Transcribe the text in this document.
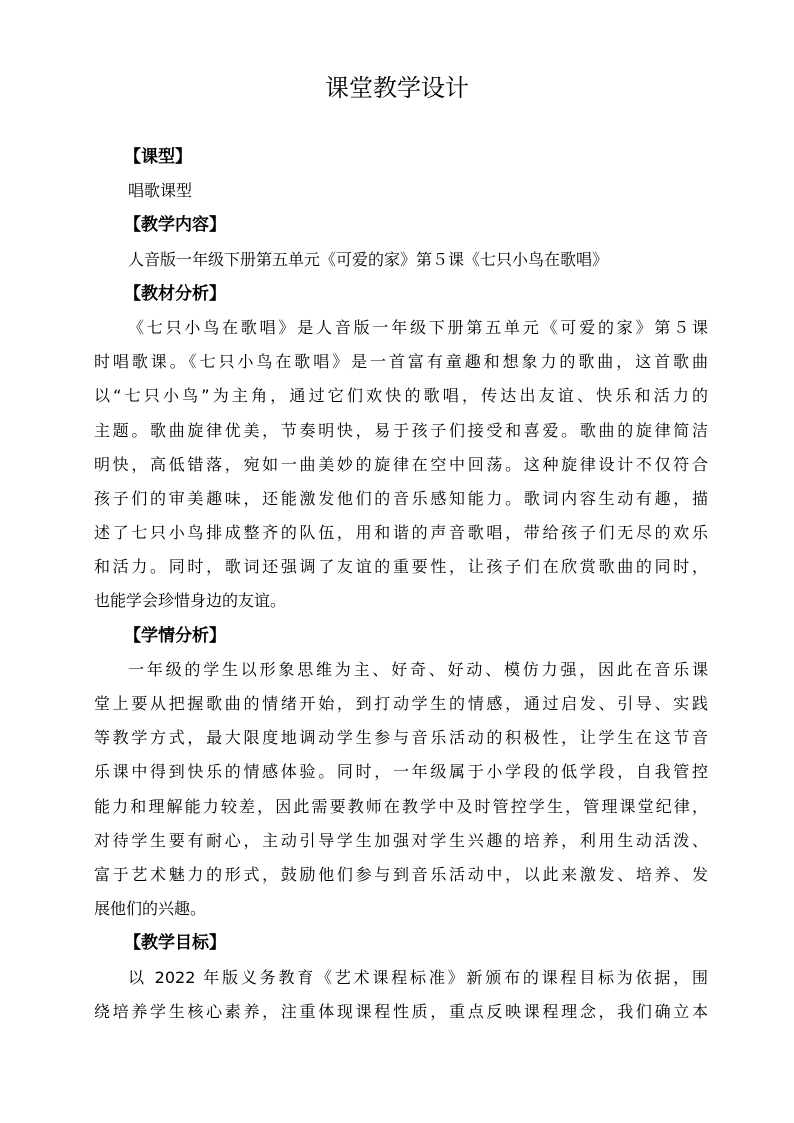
课堂教学设计
【课型】
唱歌课型
【教学内容】
人音版一年级下册第五单元《可爱的家》第５课《七只小鸟在歌唱》
【教材分析】
《七只小鸟在歌唱》是人音版一年级下册第五单元《可爱的家》第５课
时唱歌课。《七只小鸟在歌唱》是一首富有童趣和想象力的歌曲，这首歌曲
以“七只小鸟”为主角，通过它们欢快的歌唱，传达出友谊、快乐和活力的
主题。歌曲旋律优美，节奏明快，易于孩子们接受和喜爱。歌曲的旋律简洁
明快，高低错落，宛如一曲美妙的旋律在空中回荡。这种旋律设计不仅符合
孩子们的审美趣味，还能激发他们的音乐感知能力。歌词内容生动有趣，描
述了七只小鸟排成整齐的队伍，用和谐的声音歌唱，带给孩子们无尽的欢乐
和活力。同时，歌词还强调了友谊的重要性，让孩子们在欣赏歌曲的同时，
也能学会珍惜身边的友谊。
【学情分析】
一年级的学生以形象思维为主、好奇、好动、模仿力强，因此在音乐课
堂上要从把握歌曲的情绪开始，到打动学生的情感，通过启发、引导、实践
等教学方式，最大限度地调动学生参与音乐活动的积极性，让学生在这节音
乐课中得到快乐的情感体验。同时，一年级属于小学段的低学段，自我管控
能力和理解能力较差，因此需要教师在教学中及时管控学生，管理课堂纪律，
对待学生要有耐心，主动引导学生加强对学生兴趣的培养，利用生动活泼、
富于艺术魅力的形式，鼓励他们参与到音乐活动中，以此来激发、培养、发
展他们的兴趣。
【教学目标】
以 2022 年版义务教育《艺术课程标准》新颁布的课程目标为依据，围
绕培养学生核心素养，注重体现课程性质，重点反映课程理念，我们确立本
